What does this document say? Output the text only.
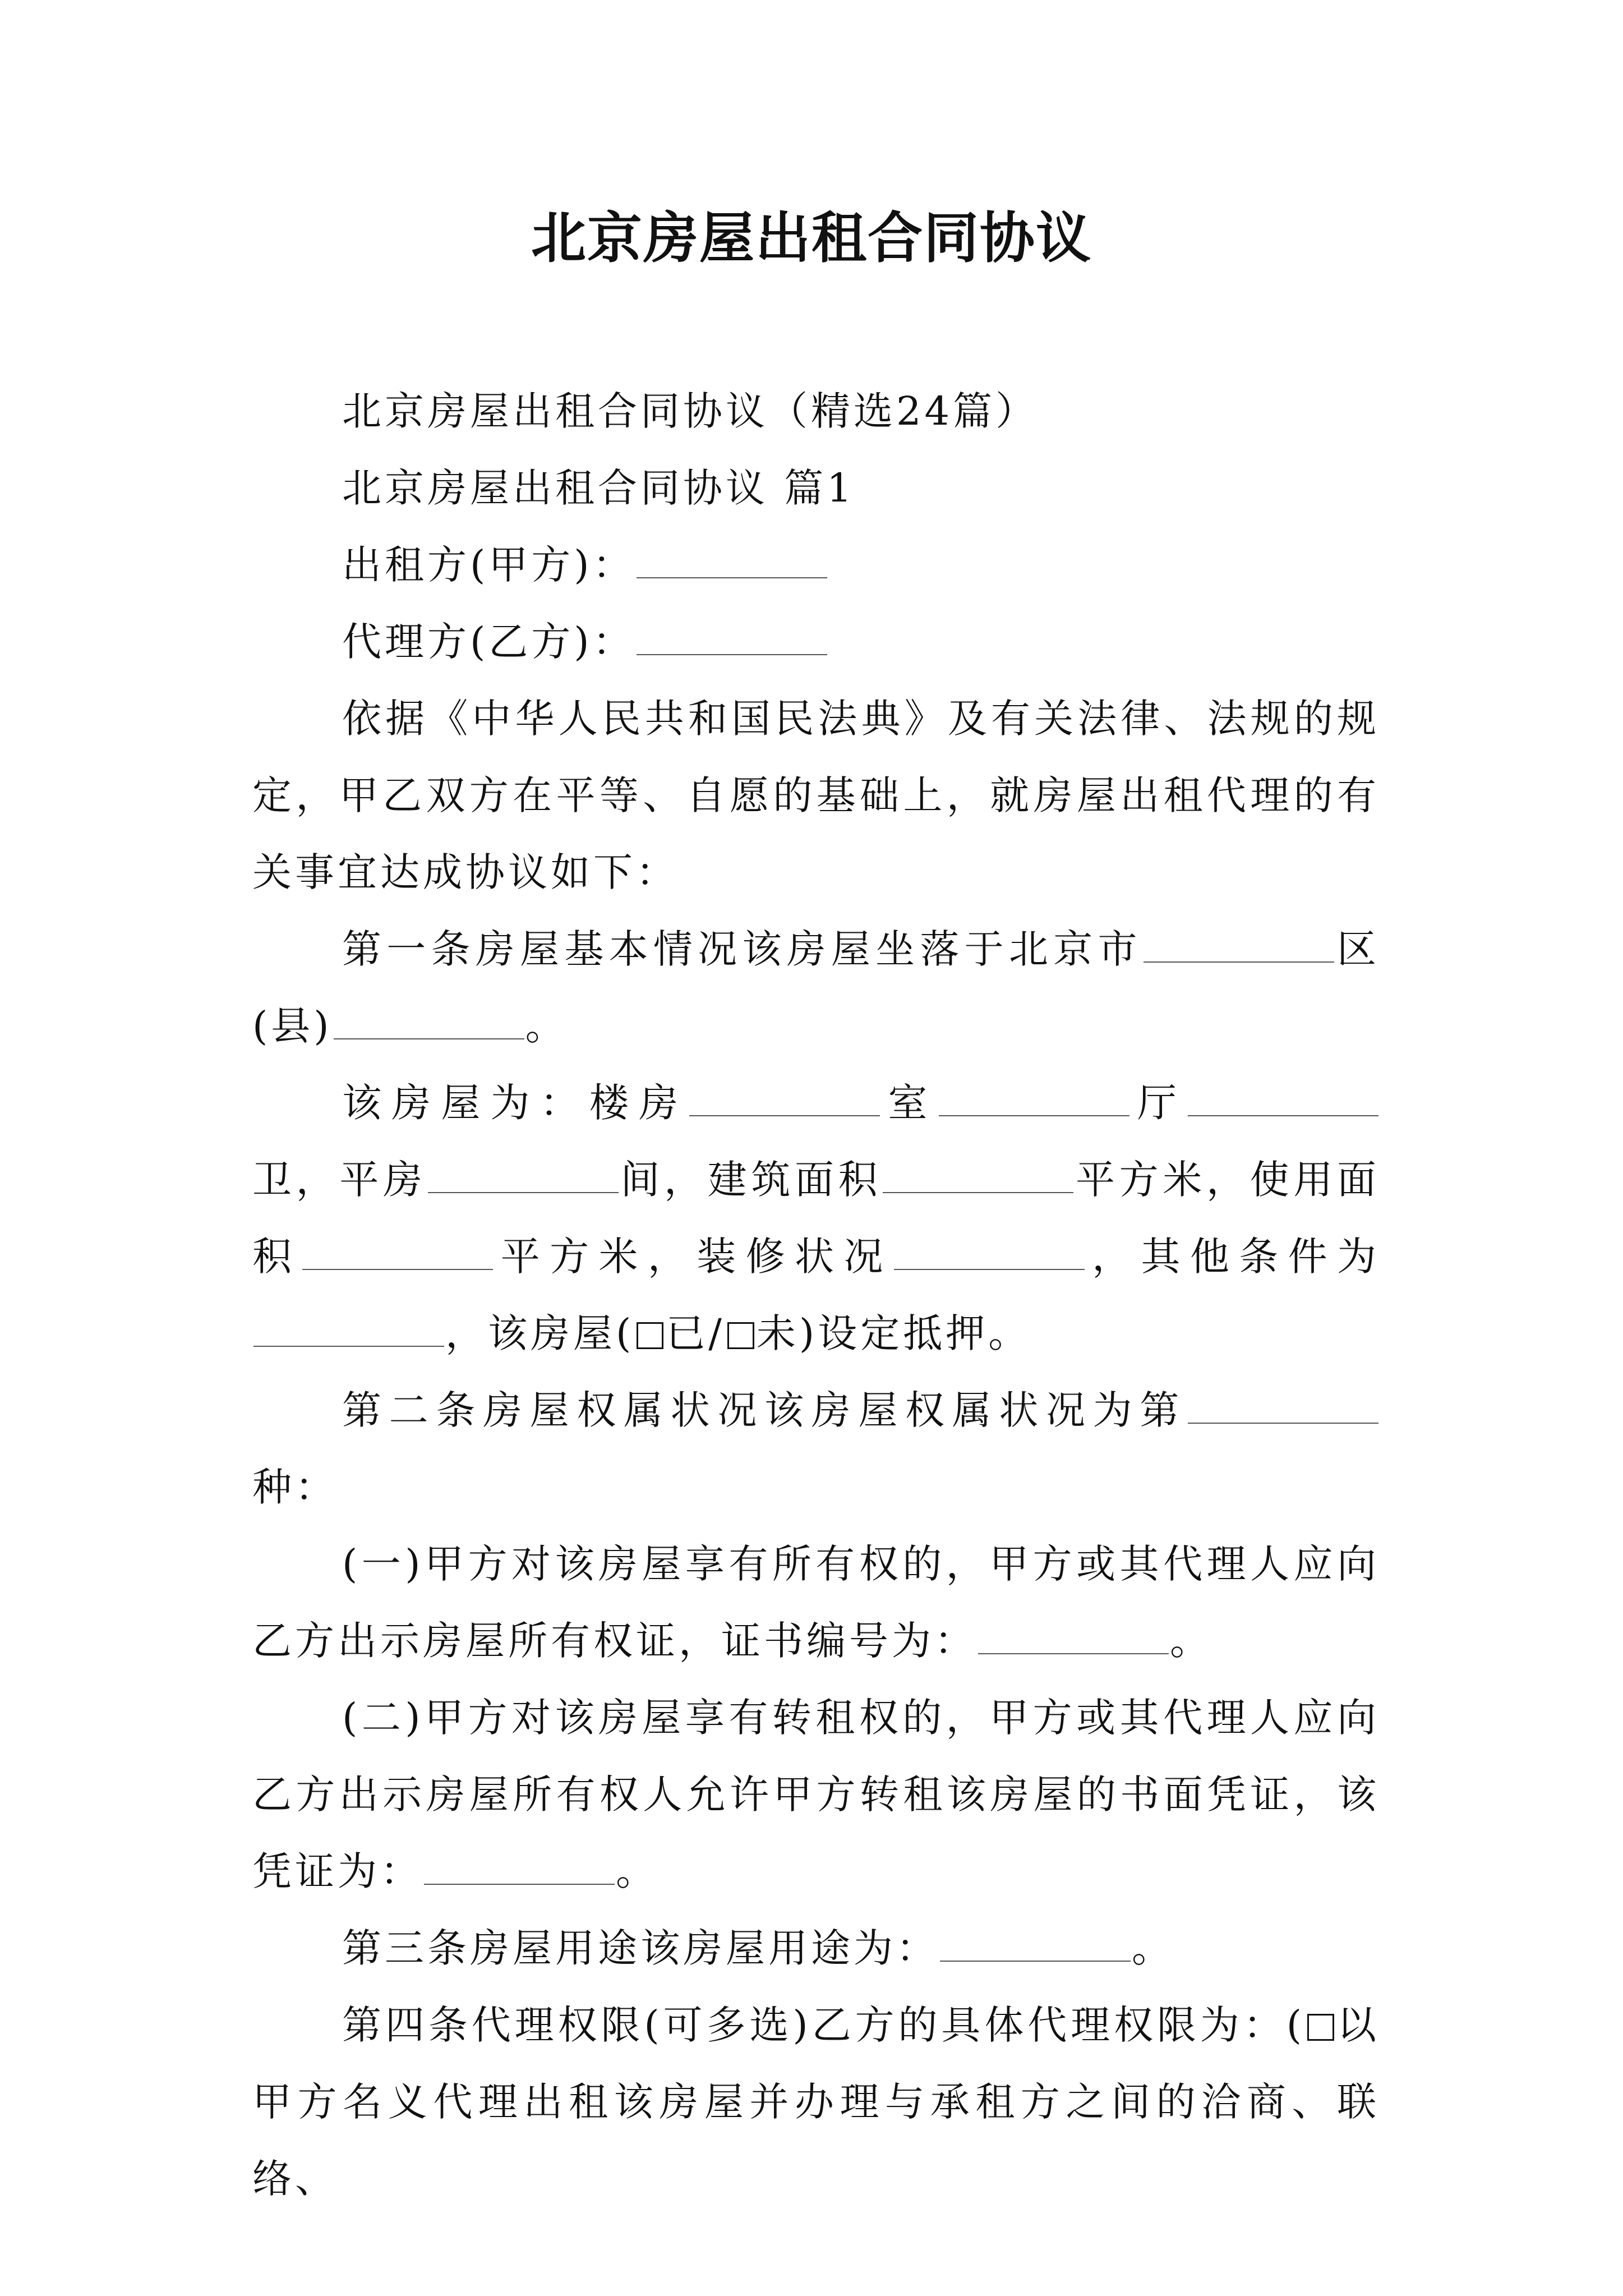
北京房屋出租合同协议

北京房屋出租合同协议（精选24篇）

北京房屋出租合同协议 篇1

出租方(甲方)：

代理方(乙方)：

依据《中华人民共和国民法典》及有关法律、法规的规定，甲乙双方在平等、自愿的基础上，就房屋出租代理的有关事宜达成协议如下：

第一条房屋基本情况该房屋坐落于北京市	区(县)	。

该房屋为：楼房	室	厅卫，平房	间，建筑面积	平方米，使用面积	平方米，装修状况	，其他条件为，该房屋( 已/ 未)设定抵押。

第二条房屋权属状况该房屋权属状况为第种：

(一)甲方对该房屋享有所有权的，甲方或其代理人应向乙方出示房屋所有权证，证书编号为：	。

(二)甲方对该房屋享有转租权的，甲方或其代理人应向乙方出示房屋所有权人允许甲方转租该房屋的书面凭证，该凭证为：	。

第三条房屋用途该房屋用途为：	。

第四条代理权限(可多选)乙方的具体代理权限为：( 以甲方名义代理出租该房屋并办理与承租方之间的洽商、联络、
